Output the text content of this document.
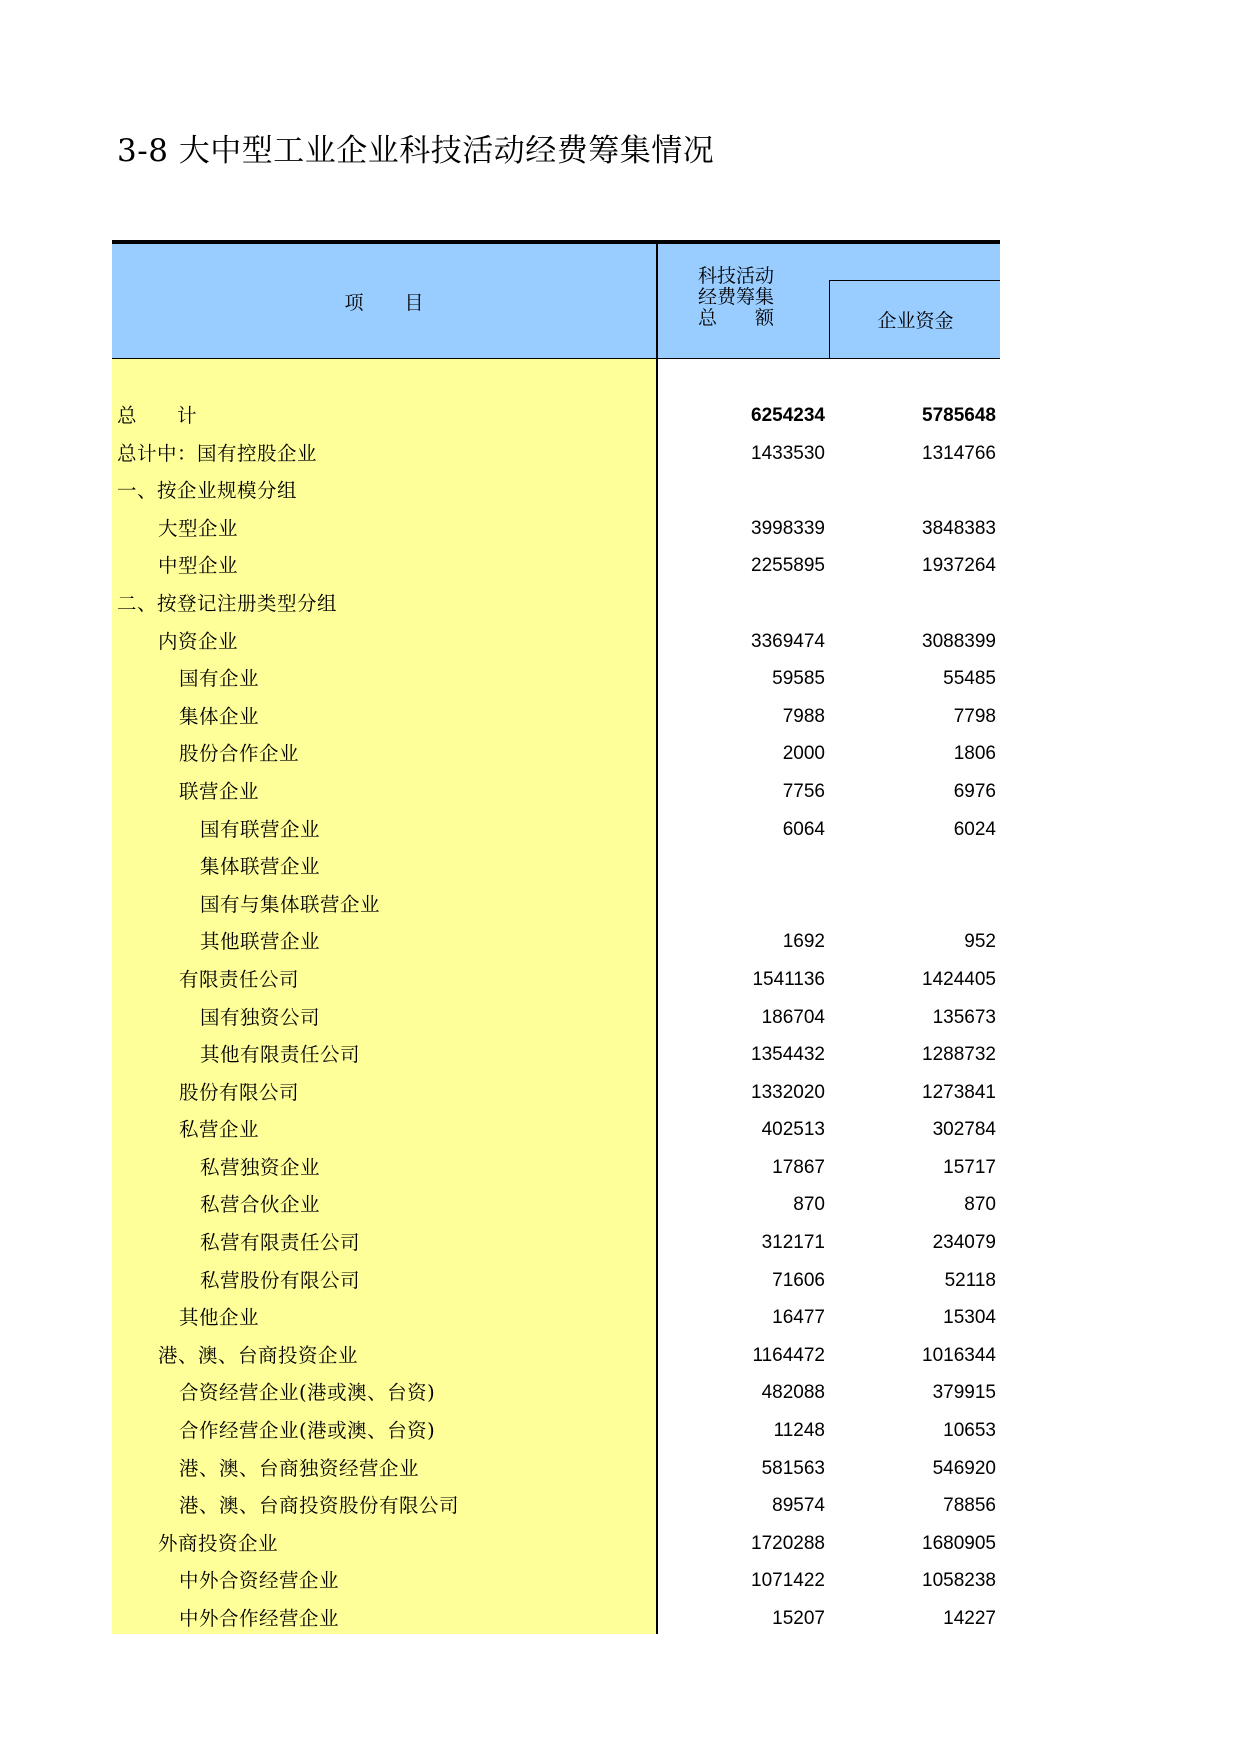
3-8 大中型工业企业科技活动经费筹集情况
项　　目
科技活动
经费筹集
总　　额	企业资金
总　　计	6254234	5785648
总计中：国有控股企业	1433530	1314766
一、按企业规模分组
大型企业	3998339	3848383
中型企业	2255895	1937264
二、按登记注册类型分组
内资企业	3369474	3088399
国有企业	59585	55485
集体企业	7988	7798
股份合作企业	2000	1806
联营企业	7756	6976
国有联营企业	6064	6024
集体联营企业
国有与集体联营企业
其他联营企业	1692	952
有限责任公司	1541136	1424405
国有独资公司	186704	135673
其他有限责任公司	1354432	1288732
股份有限公司	1332020	1273841
私营企业	402513	302784
私营独资企业	17867	15717
私营合伙企业	870	870
私营有限责任公司	312171	234079
私营股份有限公司	71606	52118
其他企业	16477	15304
港、澳、台商投资企业	1164472	1016344
合资经营企业(港或澳、台资)	482088	379915
合作经营企业(港或澳、台资)	11248	10653
港、澳、台商独资经营企业	581563	546920
港、澳、台商投资股份有限公司	89574	78856
外商投资企业	1720288	1680905
中外合资经营企业	1071422	1058238
中外合作经营企业	15207	14227
